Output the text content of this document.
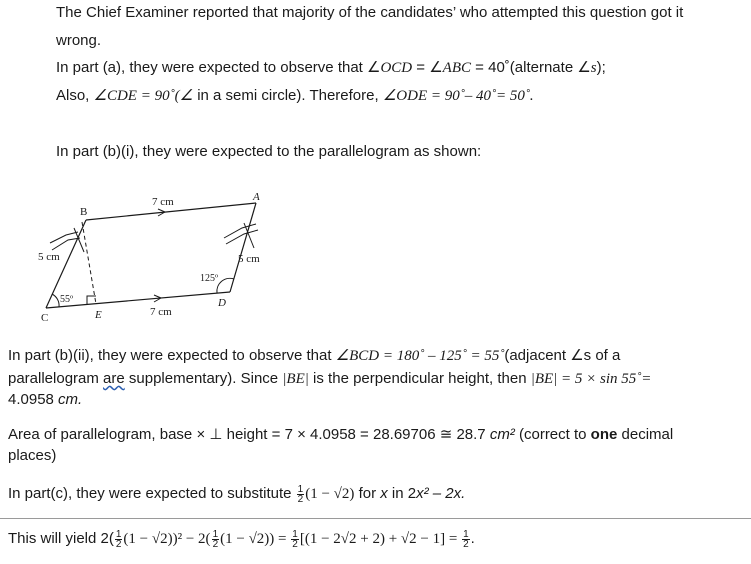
The Chief Examiner reported that majority of the candidates’ who attempted this question got it
wrong.
In part (a), they were expected to observe that ∠OCD = ∠ABC = 40˚(alternate ∠s);
Also, ∠CDE = 90˚(∠ in a semi circle). Therefore, ∠ODE = 90˚– 40˚= 50˚.
In part (b)(i), they were expected to the parallelogram as shown:
B
A
C
D
E
7 cm
7 cm
5 cm	5 cm
55º
125º
In part (b)(ii), they were expected to observe that ∠BCD = 180˚ – 125˚ = 55˚(adjacent ∠s of a
parallelogram are supplementary). Since |BE| is the perpendicular height, then |BE| = 5 × sin 55˚=
4.0958 cm.
Area of parallelogram, base × ⊥ height = 7 × 4.0958 = 28.69706 ≅ 28.7 cm² (correct to one decimal
places)
In part(c), they were expected to substitute $\frac{1}{2} (1 - √2)$ for x in 2x² – 2x.
This will yield $2( \frac{1}{2} (1 - √2))^2 - 2( \frac{1}{2} (1 - √2)) = \frac{1}{2} [(1 - 2√2 + 2) + √2 - 1] = \frac{1}{2}$ .
